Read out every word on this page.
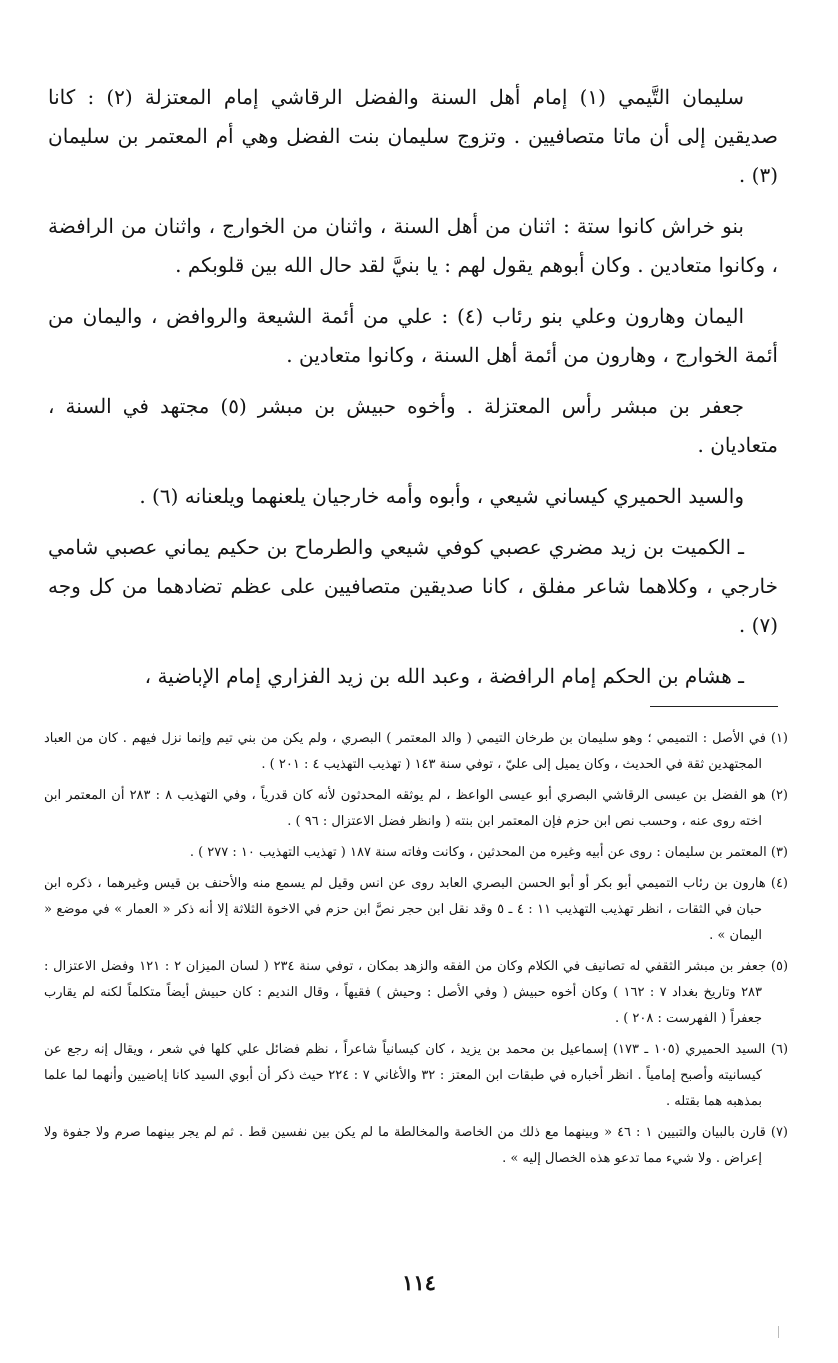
سليمان التَّيمي (١) إمام أهل السنة والفضل الرقاشي إمام المعتزلة (٢) : كانا صديقين إلى أن ماتا متصافيين . وتزوج سليمان بنت الفضل وهي أم المعتمر بن سليمان (٣) .

بنو خراش كانوا ستة : اثنان من أهل السنة ، واثنان من الخوارج ، واثنان من الرافضة ، وكانوا متعادين . وكان أبوهم يقول لهم : يا بنيَّ لقد حال الله بين قلوبكم .

اليمان وهارون وعلي بنو رئاب (٤) : علي من أئمة الشيعة والروافض ، واليمان من أئمة الخوارج ، وهارون من أئمة أهل السنة ، وكانوا متعادين .

جعفر بن مبشر رأس المعتزلة . وأخوه حبيش بن مبشر (٥) مجتهد في السنة ، متعاديان .

والسيد الحميري كيساني شيعي ، وأبوه وأمه خارجيان يلعنهما ويلعنانه (٦) .

ـ الكميت بن زيد مضري عصبي كوفي شيعي والطرماح بن حكيم يماني عصبي شامي خارجي ، وكلاهما شاعر مفلق ، كانا صديقين متصافيين على عظم تضادهما من كل وجه (٧) .

ـ هشام بن الحكم إمام الرافضة ، وعبد الله بن زيد الفزاري إمام الإباضية ،

(١) في الأصل : التميمي ؛ وهو سليمان بن طرخان التيمي ( والد المعتمر ) البصري ، ولم يكن من بني تيم وإنما نزل فيهم . كان من العباد المجتهدين ثقة في الحديث ، وكان يميل إلى عليّ ، توفي سنة ١٤٣ ( تهذيب التهذيب ٤ : ٢٠١ ) .

(٢) هو الفضل بن عيسى الرقاشي البصري أبو عيسى الواعظ ، لم يوثقه المحدثون لأنه كان قدرياً ، وفي التهذيب ٨ : ٢٨٣ أن المعتمر ابن اخته روى عنه ، وحسب نص ابن حزم فإن المعتمر ابن بنته ( وانظر فضل الاعتزال : ٩٦ ) .

(٣) المعتمر بن سليمان : روى عن أبيه وغيره من المحدثين ، وكانت وفاته سنة ١٨٧ ( تهذيب التهذيب ١٠ : ٢٧٧ ) .

(٤) هارون بن رئاب التميمي أبو بكر أو أبو الحسن البصري العابد روى عن انس وقيل لم يسمع منه والأحنف بن قيس وغيرهما ، ذكره ابن حبان في الثقات ، انظر تهذيب التهذيب ١١ : ٤ ـ ٥ وقد نقل ابن حجر نصَّ ابن حزم في الاخوة الثلاثة إلا أنه ذكر « العمار » في موضع « اليمان » .

(٥) جعفر بن مبشر الثقفي له تصانيف في الكلام وكان من الفقه والزهد بمكان ، توفي سنة ٢٣٤ ( لسان الميزان ٢ : ١٢١ وفضل الاعتزال : ٢٨٣ وتاريخ بغداد ٧ : ١٦٢ ) وكان أخوه حبيش ( وفي الأصل : وحيش ) فقيهاً ، وقال النديم : كان حبيش أيضاً متكلماً لكنه لم يقارب جعفراً ( الفهرست : ٢٠٨ ) .

(٦) السيد الحميري (١٠٥ ـ ١٧٣) إسماعيل بن محمد بن يزيد ، كان كيسانياً شاعراً ، نظم فضائل علي كلها في شعر ، ويقال إنه رجع عن كيسانيته وأصبح إمامياً . انظر أخباره في طبقات ابن المعتز : ٣٢ والأغاني ٧ : ٢٢٤ حيث ذكر أن أبوي السيد كانا إباضيين وأنهما لما علما بمذهبه هما بقتله .

(٧) قارن بالبيان والتبيين ١ : ٤٦ « وبينهما مع ذلك من الخاصة والمخالطة ما لم يكن بين نفسين قط . ثم لم يجر بينهما صرم ولا جفوة ولا إعراض . ولا شيء مما تدعو هذه الخصال إليه » .

١١٤
